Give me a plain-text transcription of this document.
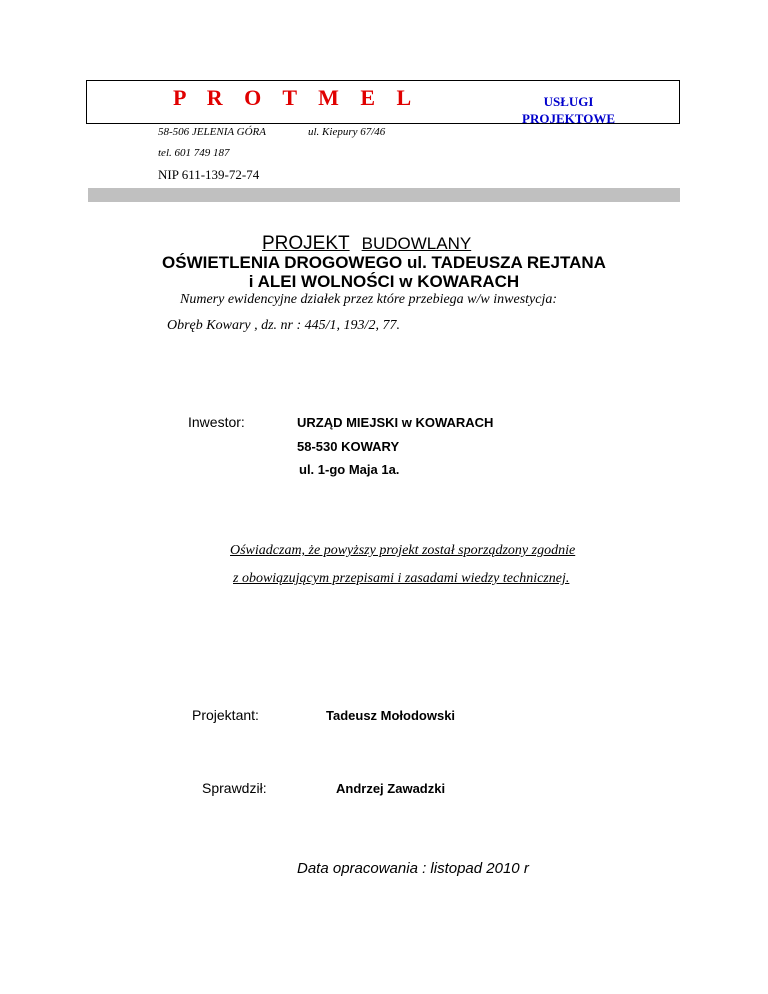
P R O T M E L	USŁUGI
PROJEKTOWE
58-506 JELENIA GÓRA	ul. Kiepury 67/46
tel. 601 749 187
NIP 611-139-72-74
PROJEKT BUDOWLANY
OŚWIETLENIA DROGOWEGO ul. TADEUSZA REJTANA
i ALEI WOLNOŚCI w KOWARACH
Numery ewidencyjne działek przez które przebiega w/w inwestycja:
Obręb Kowary , dz. nr : 445/1, 193/2, 77.
Inwestor:	URZĄD MIEJSKI w KOWARACH
58-530 KOWARY
ul. 1-go Maja 1a.
Oświadczam, że powyższy projekt został sporządzony zgodnie
z obowiązującym przepisami i zasadami wiedzy technicznej.
Projektant:	Tadeusz Mołodowski
Sprawdził:	Andrzej Zawadzki
Data opracowania : listopad 2010 r
